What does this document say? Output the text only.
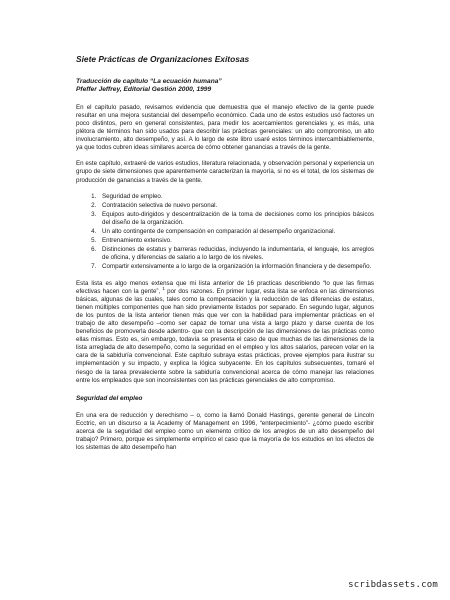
Siete Prácticas de Organizaciones Exitosas
Traducción de capítulo “La ecuación humana”
Pfeffer Jeffrey, Editorial Gestión 2000, 1999

En el capítulo pasado, revisamos evidencia que demuestra que el manejo efectivo de la gente puede resultar en una mejora sustancial del desempeño económico. Cada uno de estos estudios usó factores un poco distintos, pero en general consistentes, para medir los acercamientos gerenciales y, es más, una plétora de términos han sido usados para describir las prácticas gerenciales: un alto compromiso, un alto involucramiento, alto desempeño, y así. A lo largo de este libro usaré estos términos intercambiablemente, ya que todos cubren ideas similares acerca de cómo obtener ganancias a través de la gente.

En este capítulo, extraeré de varios estudios, literatura relacionada, y observación personal y experiencia un grupo de siete dimensiones que aparentemente caracterizan la mayoría, si no es el total, de los sistemas de producción de ganancias a través de la gente.

1. Seguridad de empleo.
2. Contratación selectiva de nuevo personal.
3. Equipos auto-dirigidos y descentralización de la toma de decisiones como los principios básicos del diseño de la organización.
4. Un alto contingente de compensación en comparación al desempeño organizacional.
5. Entrenamiento extensivo.
6. Distinciones de estatus y barreras reducidas, incluyendo la indumentaria, el lenguaje, los arreglos de oficina, y diferencias de salario a lo largo de los niveles.
7. Compartir extensivamente a lo largo de la organización la información financiera y de desempeño.

Esta lista es algo menos extensa que mi lista anterior de 16 practicas describiendo “lo que las firmas efectivas hacen con la gente”, $^1$ por dos razones. En primer lugar, esta lista se enfoca en las dimensiones básicas, algunas de las cuales, tales como la compensación y la reducción de las diferencias de estatus, tienen múltiples componentes que han sido previamente listados por separado. En segundo lugar, algunos de los puntos de la lista anterior tienen más que ver con la habilidad para implementar prácticas en el trabajo de alto desempeño –como ser capaz de tomar una vista a largo plazo y darse cuenta de los beneficios de promoverla desde adentro- que con la descripción de las dimensiones de las prácticas como ellas mismas. Esto es, sin embargo, todavía se presenta el caso de que muchas de las dimensiones de la lista arreglada de alto desempeño, como la seguridad en el empleo y los altos salarios, parecen volar en la cara de la sabiduría convencional. Este capítulo subraya estas prácticas, provee ejemplos para ilustrar su implementación y su impacto, y explica la lógica subyacente. En los capítulos subsecuentes, tomaré el riesgo de la tarea prevaleciente sobre la sabiduría convencional acerca de cómo manejar las relaciones entre los empleados que son inconsistentes con las prácticas gerenciales de alto compromiso.

Seguridad del empleo

En una era de reducción y derechismo – o, como la llamó Donald Hastings, gerente general de Lincoln Ecctric, en un discurso a la Academy of Management en 1996, “enterpecimiento”- ¿cómo puedo escribir acerca de la seguridad del empleo como un elemento crítico de los arreglos de un alto desempeño del trabajo? Primero, porque es simplemente empírico el caso que la mayoría de los estudios en los efectos de los sistemas de alto desempeño han

scribdassets.com
